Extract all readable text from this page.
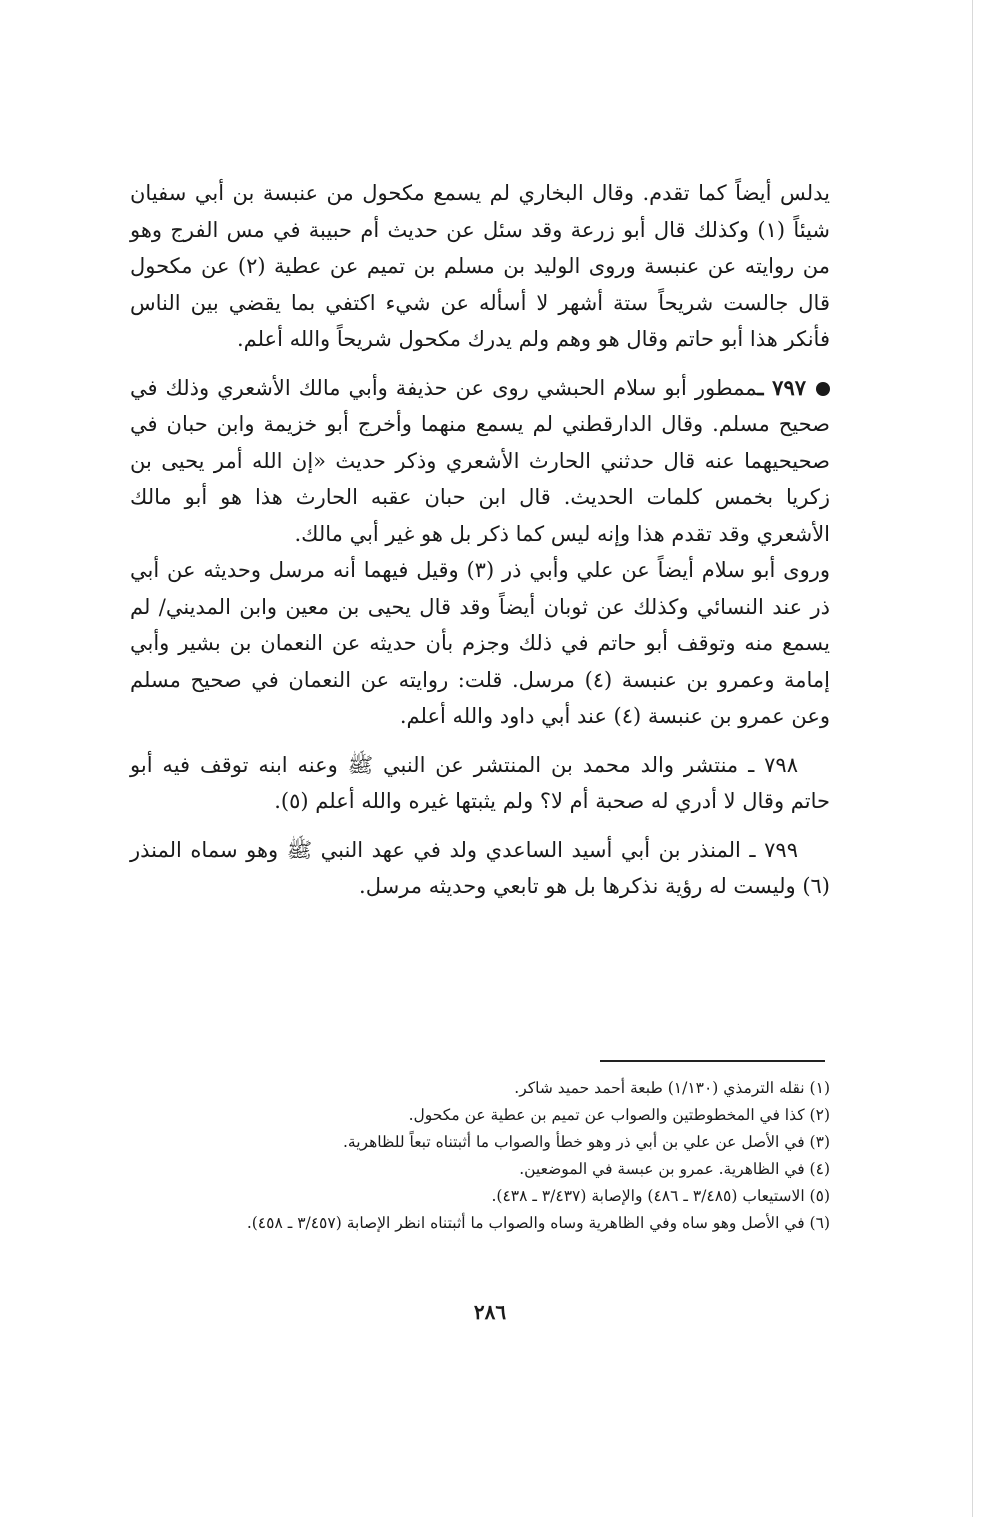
يدلس أيضاً كما تقدم. وقال البخاري لم يسمع مكحول من عنبسة بن أبي سفيان شيئاً (١) وكذلك قال أبو زرعة وقد سئل عن حديث أم حبيبة في مس الفرج وهو من روايته عن عنبسة وروى الوليد بن مسلم بن تميم عن عطية (٢) عن مكحول قال جالست شريحاً ستة أشهر لا أسأله عن شيء اكتفي بما يقضي بين الناس فأنكر هذا أبو حاتم وقال هو وهم ولم يدرك مكحول شريحاً والله أعلم.

٧٩٧ ـممطور أبو سلام الحبشي روى عن حذيفة وأبي مالك الأشعري وذلك في صحيح مسلم. وقال الدارقطني لم يسمع منهما وأخرج أبو خزيمة وابن حبان في صحيحيهما عنه قال حدثني الحارث الأشعري وذكر حديث «إن الله أمر يحيى بن زكريا بخمس كلمات الحديث. قال ابن حبان عقبه الحارث هذا هو أبو مالك الأشعري وقد تقدم هذا وإنه ليس كما ذكر بل هو غير أبي مالك.

وروى أبو سلام أيضاً عن علي وأبي ذر (٣) وقيل فيهما أنه مرسل وحديثه عن أبي ذر عند النسائي وكذلك عن ثوبان أيضاً وقد قال يحيى بن معين وابن المديني/ لم يسمع منه وتوقف أبو حاتم في ذلك وجزم بأن حديثه عن النعمان بن بشير وأبي إمامة وعمرو بن عنبسة (٤) مرسل. قلت: روايته عن النعمان في صحيح مسلم وعن عمرو بن عنبسة (٤) عند أبي داود والله أعلم.

٧٩٨ ـ منتشر والد محمد بن المنتشر عن النبي ﷺ وعنه ابنه توقف فيه أبو حاتم وقال لا أدري له صحبة أم لا؟ ولم يثبتها غيره والله أعلم (٥).

٧٩٩ ـ المنذر بن أبي أسيد الساعدي ولد في عهد النبي ﷺ وهو سماه المنذر (٦) وليست له رؤية نذكرها بل هو تابعي وحديثه مرسل.

(١) نقله الترمذي (١/١٣٠) طبعة أحمد حميد شاكر.
(٢) كذا في المخطوطتين والصواب عن تميم بن عطية عن مكحول.
(٣) في الأصل عن علي بن أبي ذر وهو خطأ والصواب ما أثبتناه تبعاً للظاهرية.
(٤) في الظاهرية. عمرو بن عبسة في الموضعين.
(٥) الاستيعاب (٣/٤٨٥ ـ ٤٨٦) والإصابة (٣/٤٣٧ ـ ٤٣٨).
(٦) في الأصل وهو ساه وفي الظاهرية وساه والصواب ما أثبتناه انظر الإصابة (٣/٤٥٧ ـ ٤٥٨).
٢٨٦
